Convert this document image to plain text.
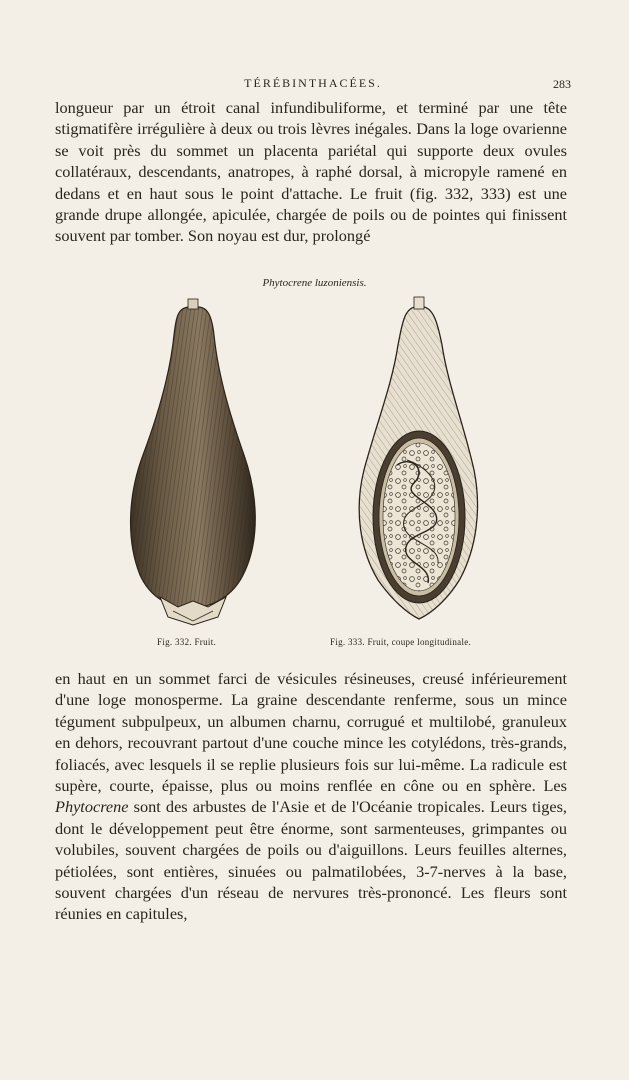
TÉRÉBINTHACÉES.	283

longueur par un étroit canal infundibuliforme, et terminé par une tête stigmatifère irrégulière à deux ou trois lèvres inégales. Dans la loge ovarienne se voit près du sommet un placenta pariétal qui supporte deux ovules collatéraux, descendants, anatropes, à raphé dorsal, à micropyle ramené en dedans et en haut sous le point d'attache. Le fruit (fig. 332, 333) est une grande drupe allongée, apiculée, chargée de poils ou de pointes qui finissent souvent par tomber. Son noyau est dur, prolongé

Phytocrene luzoniensis.
Fig. 332. Fruit.	Fig. 333. Fruit, coupe longitudinale.

en haut en un sommet farci de vésicules résineuses, creusé inférieurement d'une loge monosperme. La graine descendante renferme, sous un mince tégument subpulpeux, un albumen charnu, corrugué et multilobé, granuleux en dehors, recouvrant partout d'une couche mince les cotylédons, très-grands, foliacés, avec lesquels il se replie plusieurs fois sur lui-même. La radicule est supère, courte, épaisse, plus ou moins renflée en cône ou en sphère. Les Phytocrene sont des arbustes de l'Asie et de l'Océanie tropicales. Leurs tiges, dont le développement peut être énorme, sont sarmenteuses, grimpantes ou volubiles, souvent chargées de poils ou d'aiguillons. Leurs feuilles alternes, pétiolées, sont entières, sinuées ou palmatilobées, 3-7-nerves à la base, souvent chargées d'un réseau de nervures très-prononcé. Les fleurs sont réunies en capitules,
